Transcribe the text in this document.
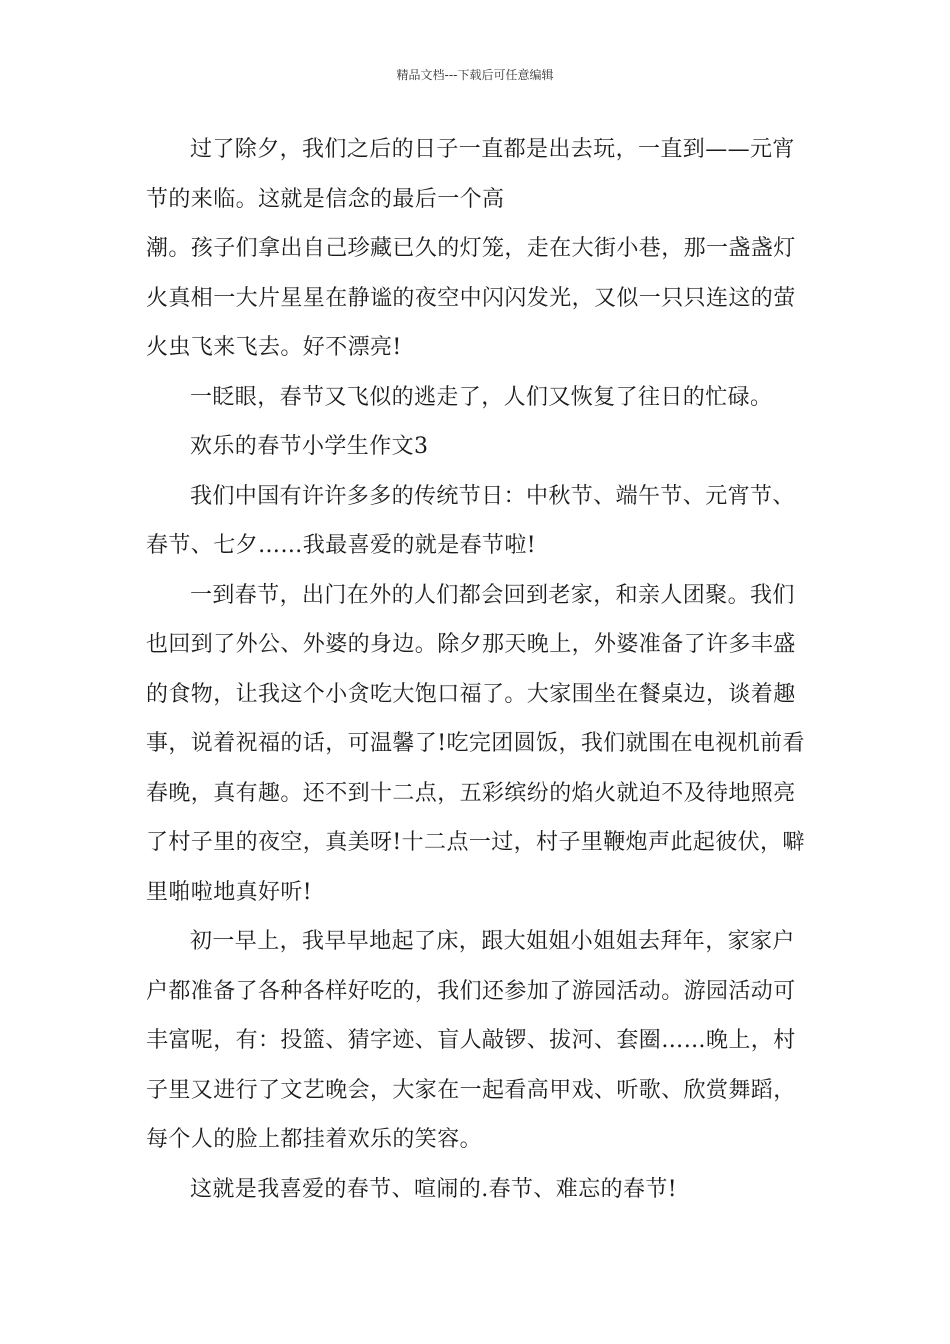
精品文档---下载后可任意编辑
过了除夕，我们之后的日子一直都是出去玩，一直到——元宵
节的来临。这就是信念的最后一个高
潮。孩子们拿出自己珍藏已久的灯笼，走在大街小巷，那一盏盏灯
火真相一大片星星在静谧的夜空中闪闪发光，又似一只只连这的萤
火虫飞来飞去。好不漂亮!
一眨眼，春节又飞似的逃走了，人们又恢复了往日的忙碌。
欢乐的春节小学生作文3
我们中国有许许多多的传统节日：中秋节、端午节、元宵节、
春节、七夕……我最喜爱的就是春节啦!
一到春节，出门在外的人们都会回到老家，和亲人团聚。我们
也回到了外公、外婆的身边。除夕那天晚上，外婆准备了许多丰盛
的食物，让我这个小贪吃大饱口福了。大家围坐在餐桌边，谈着趣
事，说着祝福的话，可温馨了!吃完团圆饭，我们就围在电视机前看
春晚，真有趣。还不到十二点，五彩缤纷的焰火就迫不及待地照亮
了村子里的夜空，真美呀!十二点一过，村子里鞭炮声此起彼伏，噼
里啪啦地真好听!
初一早上，我早早地起了床，跟大姐姐小姐姐去拜年，家家户
户都准备了各种各样好吃的，我们还参加了游园活动。游园活动可
丰富呢，有：投篮、猜字迹、盲人敲锣、拔河、套圈……晚上，村
子里又进行了文艺晚会，大家在一起看高甲戏、听歌、欣赏舞蹈，
每个人的脸上都挂着欢乐的笑容。
这就是我喜爱的春节、喧闹的.春节、难忘的春节!
